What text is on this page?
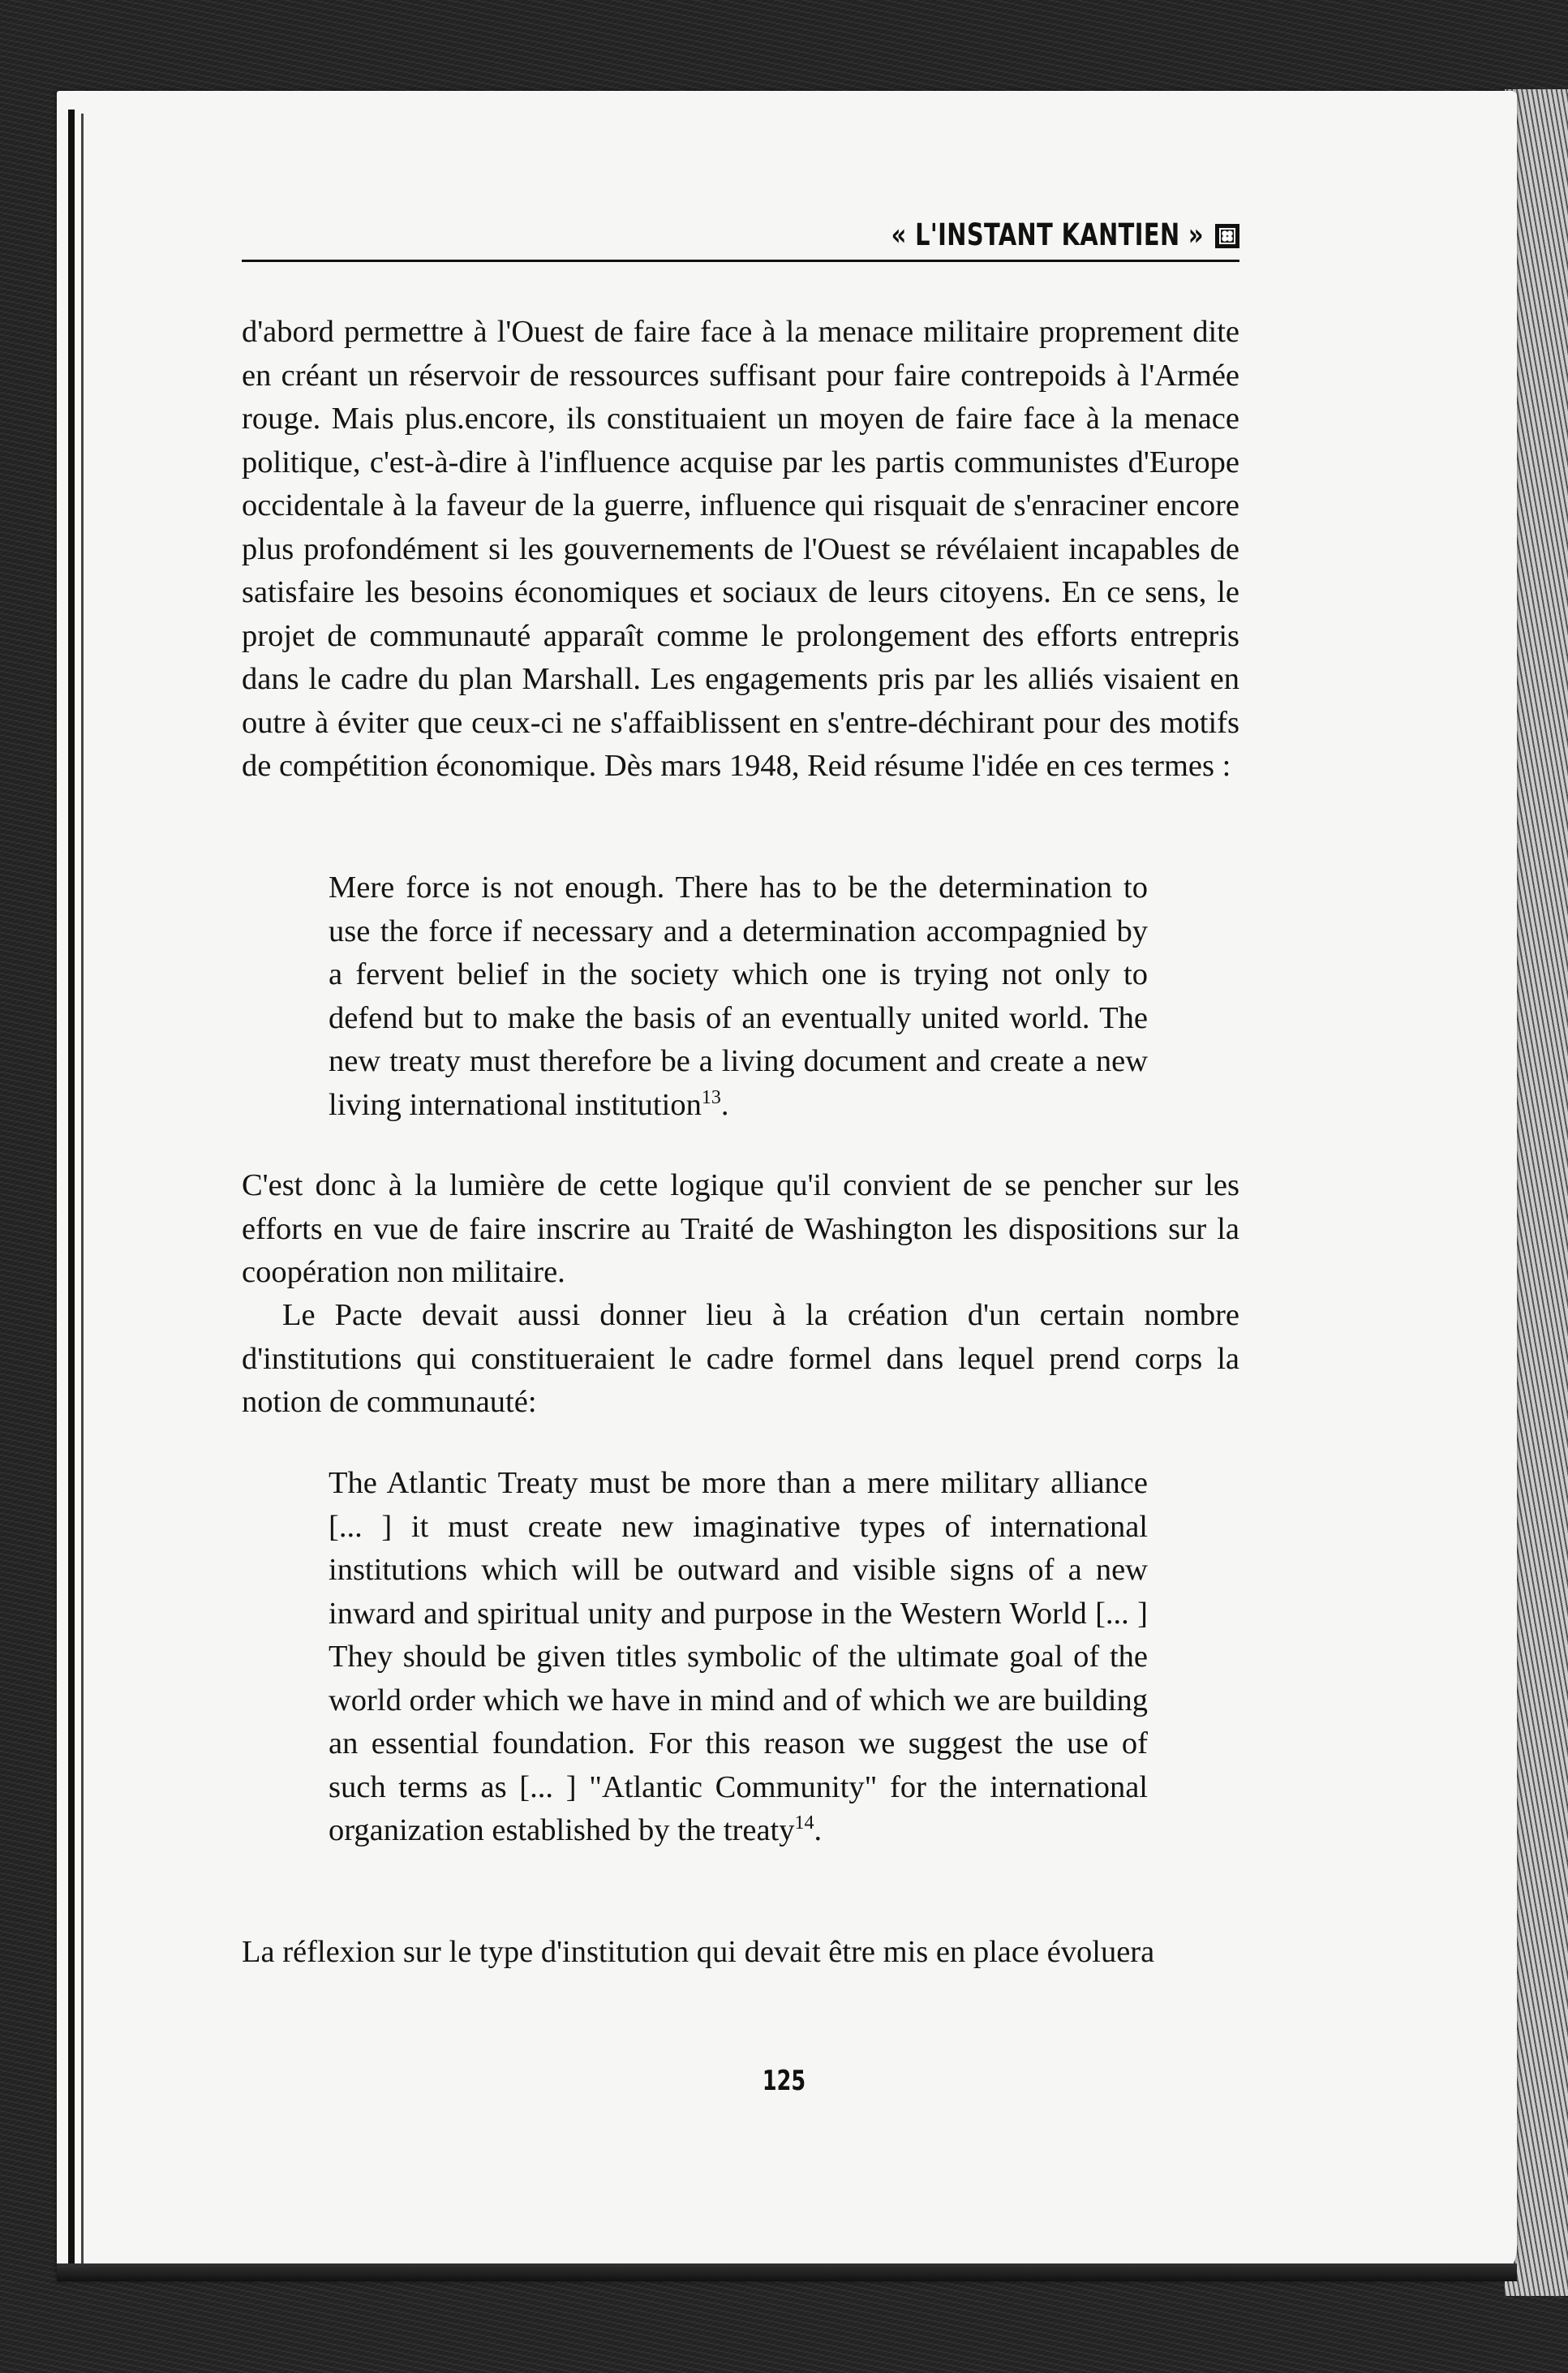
« L'INSTANT KANTIEN »
d'abord permettre à l'Ouest de faire face à la menace militaire proprement dite en créant un réservoir de ressources suffisant pour faire contrepoids à l'Armée rouge. Mais plus.encore, ils constituaient un moyen de faire face à la menace politique, c'est-à-dire à l'influence acquise par les partis communistes d'Europe occidentale à la faveur de la guerre, influence qui risquait de s'enraciner encore plus profondément si les gouvernements de l'Ouest se révélaient incapables de satisfaire les besoins économiques et sociaux de leurs citoyens. En ce sens, le projet de communauté apparaît comme le prolongement des efforts entrepris dans le cadre du plan Marshall. Les engagements pris par les alliés visaient en outre à éviter que ceux-ci ne s'affaiblissent en s'entre-déchirant pour des motifs de compétition économique. Dès mars 1948, Reid résume l'idée en ces termes :
Mere force is not enough. There has to be the determination to use the force if necessary and a determination accompagnied by a fervent belief in the society which one is trying not only to defend but to make the basis of an eventually united world. The new treaty must therefore be a living document and create a new living international institution$^{13}$.
C'est donc à la lumière de cette logique qu'il convient de se pencher sur les efforts en vue de faire inscrire au Traité de Washington les dispositions sur la coopération non militaire.
Le Pacte devait aussi donner lieu à la création d'un certain nombre d'institutions qui constitueraient le cadre formel dans lequel prend corps la notion de communauté:
The Atlantic Treaty must be more than a mere military alliance [... ] it must create new imaginative types of international institutions which will be outward and visible signs of a new inward and spiritual unity and purpose in the Western World [... ] They should be given titles symbolic of the ultimate goal of the world order which we have in mind and of which we are building an essential foundation. For this reason we suggest the use of such terms as [... ] "Atlantic Community" for the international organization established by the treaty$^{14}$.
La réflexion sur le type d'institution qui devait être mis en place évoluera
125
